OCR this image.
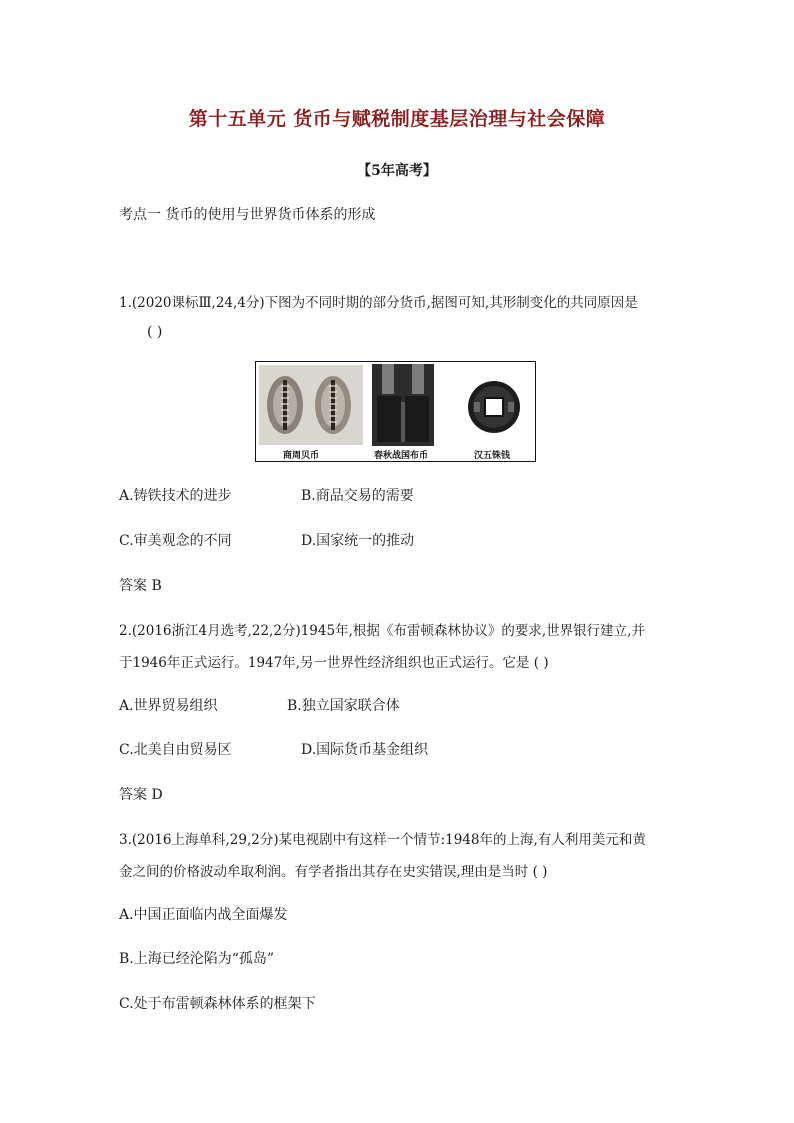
第十五单元 货币与赋税制度基层治理与社会保障
【5年高考】
考点一 货币的使用与世界货币体系的形成
1.(2020课标Ⅲ,24,4分)下图为不同时期的部分货币,据图可知,其形制变化的共同原因是
( )
商周贝币	春秋战国布币	汉五铢钱
A.铸铁技术的进步	B.商品交易的需要
C.审美观念的不同	D.国家统一的推动
答案 B
2.(2016浙江4月选考,22,2分)1945年,根据《布雷顿森林协议》的要求,世界银行建立,并
于1946年正式运行。1947年,另一世界性经济组织也正式运行。它是 ( )
A.世界贸易组织	B.独立国家联合体
C.北美自由贸易区	D.国际货币基金组织
答案 D
3.(2016上海单科,29,2分)某电视剧中有这样一个情节:1948年的上海,有人利用美元和黄
金之间的价格波动牟取利润。有学者指出其存在史实错误,理由是当时 ( )
A.中国正面临内战全面爆发
B.上海已经沦陷为“孤岛”
C.处于布雷顿森林体系的框架下
